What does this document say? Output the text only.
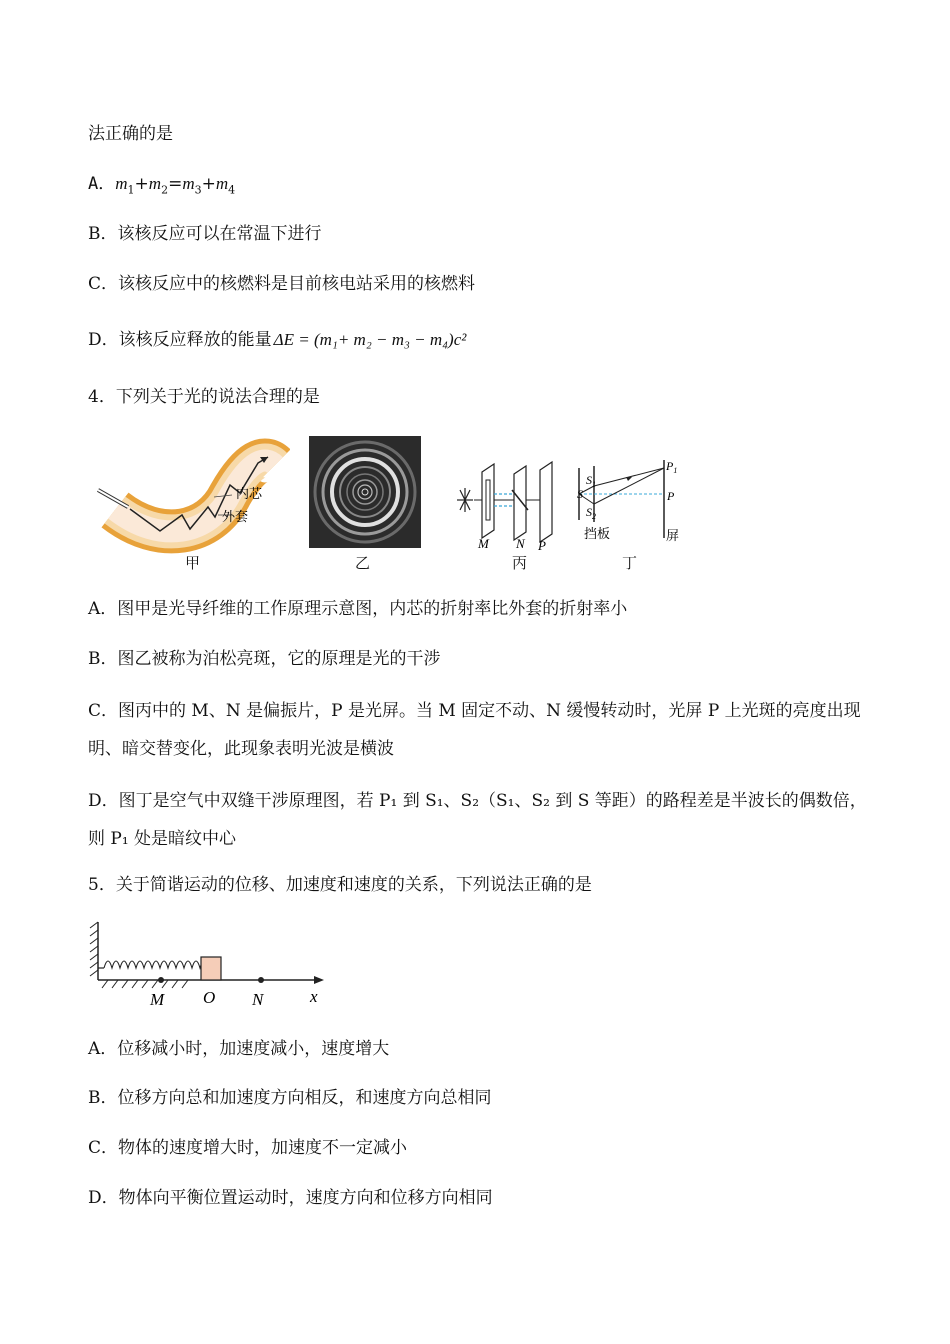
法正确的是
A．$m_1+m_2=m_3+m_4$
B．该核反应可以在常温下进行
C．该核反应中的核燃料是目前核电站采用的核燃料
D．该核反应释放的能量 ΔE = (m₁+ m₂ − m₃ − m₄)c²
4．下列关于光的说法合理的是
内芯
外套
甲	乙
M N P
丙
S
$S_1$
$S_2$
$P_1$
P
挡板	屏
丁
A．图甲是光导纤维的工作原理示意图，内芯的折射率比外套的折射率小
B．图乙被称为泊松亮斑，它的原理是光的干涉
C．图丙中的 M、N 是偏振片，P 是光屏。当 M 固定不动、N 缓慢转动时，光屏 P 上光斑的亮度出现明、暗交替变化，此现象表明光波是横波
D．图丁是空气中双缝干涉原理图，若 P₁ 到 S₁、S₂（S₁、S₂ 到 S 等距）的路程差是半波长的偶数倍，则 P₁ 处是暗纹中心
5．关于简谐运动的位移、加速度和速度的关系，下列说法正确的是
M O N	x
A．位移减小时，加速度减小，速度增大
B．位移方向总和加速度方向相反，和速度方向总相同
C．物体的速度增大时，加速度不一定减小
D．物体向平衡位置运动时，速度方向和位移方向相同
